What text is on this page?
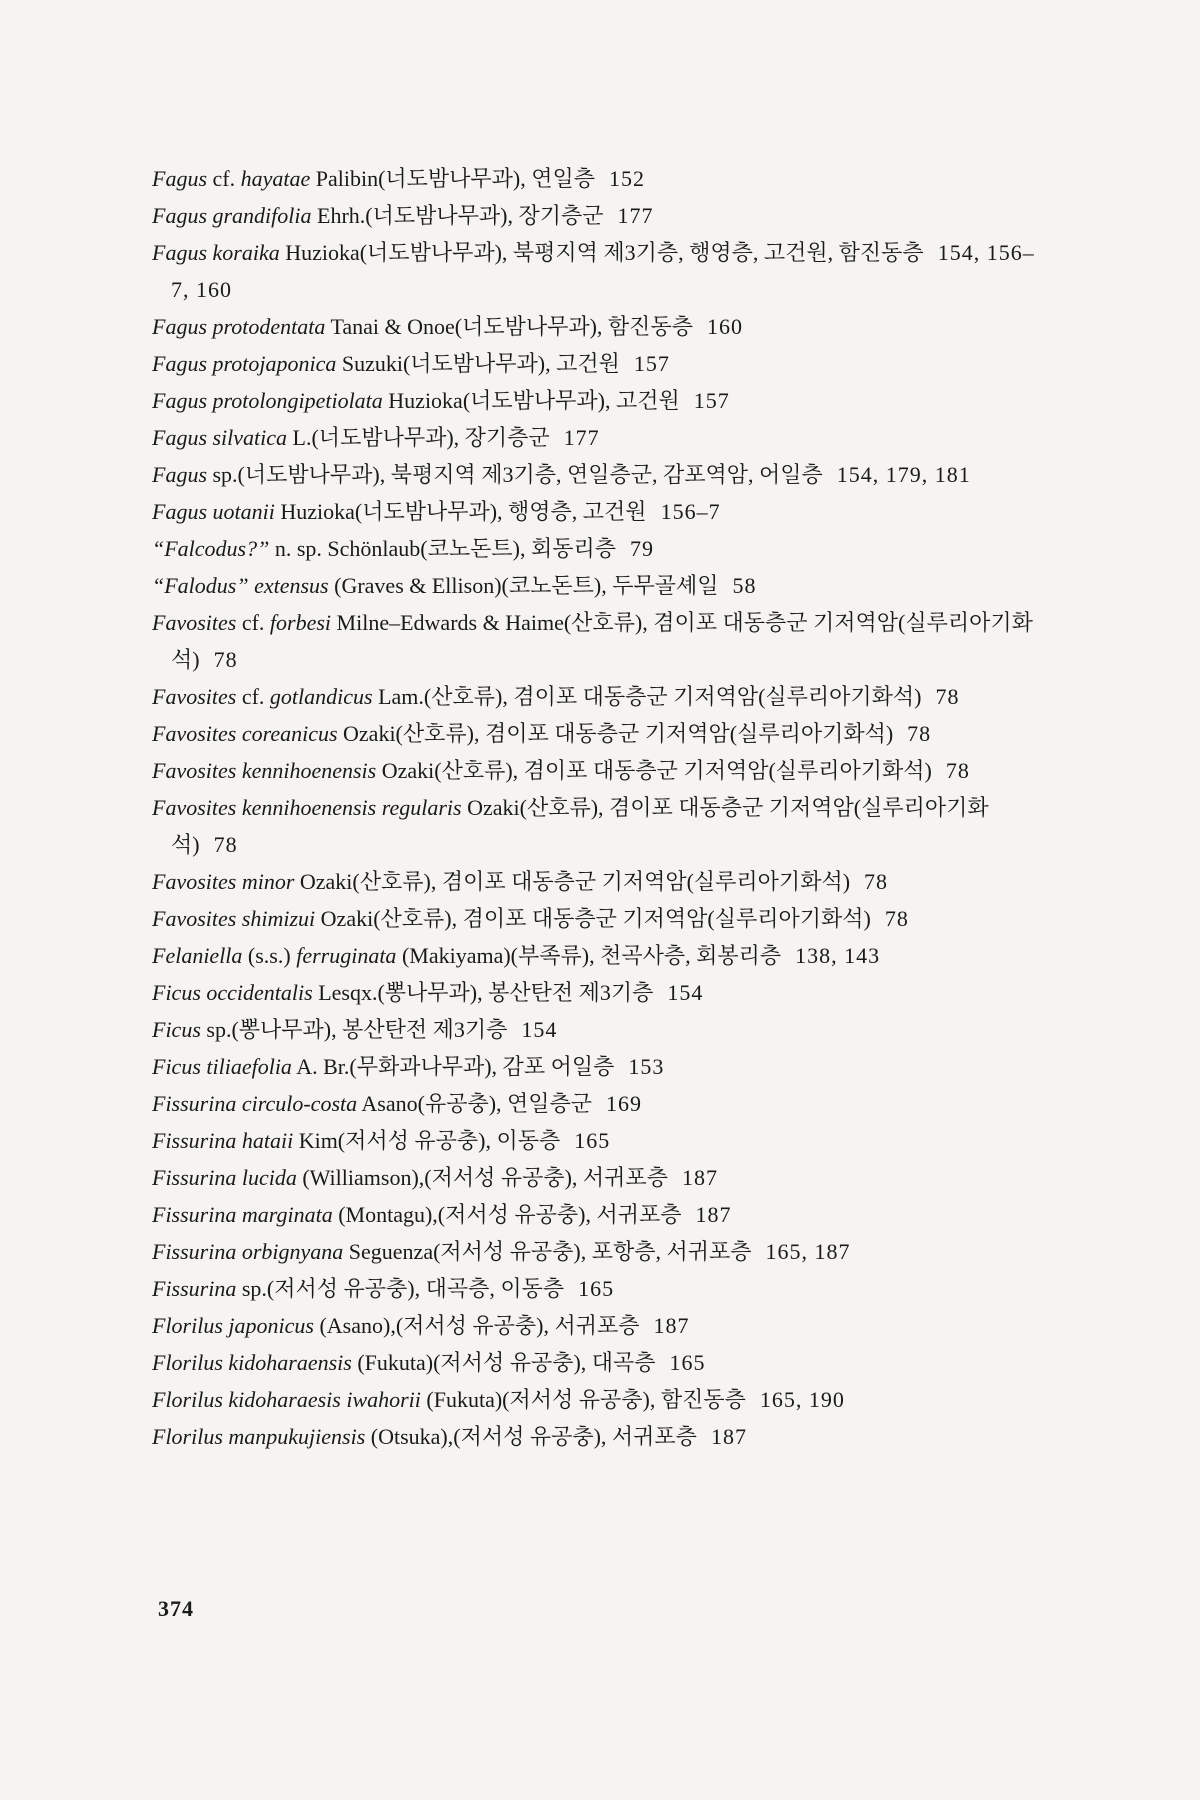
Fagus cf. hayatae Palibin(너도밤나무과), 연일층 152

Fagus grandifolia Ehrh.(너도밤나무과), 장기층군 177

Fagus koraika Huzioka(너도밤나무과), 북평지역 제3기층, 행영층, 고건원, 함진동층 154, 156–7, 160

Fagus protodentata Tanai & Onoe(너도밤나무과), 함진동층 160

Fagus protojaponica Suzuki(너도밤나무과), 고건원 157

Fagus protolongipetiolata Huzioka(너도밤나무과), 고건원 157

Fagus silvatica L.(너도밤나무과), 장기층군 177

Fagus sp.(너도밤나무과), 북평지역 제3기층, 연일층군, 감포역암, 어일층 154, 179, 181

Fagus uotanii Huzioka(너도밤나무과), 행영층, 고건원 156–7

“Falcodus?” n. sp. Schönlaub(코노돈트), 회동리층 79

“Falodus” extensus (Graves & Ellison)(코노돈트), 두무골셰일 58

Favosites cf. forbesi Milne–Edwards & Haime(산호류), 겸이포 대동층군 기저역암(실루리아기화석) 78

Favosites cf. gotlandicus Lam.(산호류), 겸이포 대동층군 기저역암(실루리아기화석) 78

Favosites coreanicus Ozaki(산호류), 겸이포 대동층군 기저역암(실루리아기화석) 78

Favosites kennihoenensis Ozaki(산호류), 겸이포 대동층군 기저역암(실루리아기화석) 78

Favosites kennihoenensis regularis Ozaki(산호류), 겸이포 대동층군 기저역암(실루리아기화석) 78

Favosites minor Ozaki(산호류), 겸이포 대동층군 기저역암(실루리아기화석) 78

Favosites shimizui Ozaki(산호류), 겸이포 대동층군 기저역암(실루리아기화석) 78

Felaniella (s.s.) ferruginata (Makiyama)(부족류), 천곡사층, 회봉리층 138, 143

Ficus occidentalis Lesqx.(뽕나무과), 봉산탄전 제3기층 154

Ficus sp.(뽕나무과), 봉산탄전 제3기층 154

Ficus tiliaefolia A. Br.(무화과나무과), 감포 어일층 153

Fissurina circulo-costa Asano(유공충), 연일층군 169

Fissurina hataii Kim(저서성 유공충), 이동층 165

Fissurina lucida (Williamson),(저서성 유공충), 서귀포층 187

Fissurina marginata (Montagu),(저서성 유공충), 서귀포층 187

Fissurina orbignyana Seguenza(저서성 유공충), 포항층, 서귀포층 165, 187

Fissurina sp.(저서성 유공충), 대곡층, 이동층 165

Florilus japonicus (Asano),(저서성 유공충), 서귀포층 187

Florilus kidoharaensis (Fukuta)(저서성 유공충), 대곡층 165

Florilus kidoharaesis iwahorii (Fukuta)(저서성 유공충), 함진동층 165, 190

Florilus manpukujiensis (Otsuka),(저서성 유공충), 서귀포층 187

374
